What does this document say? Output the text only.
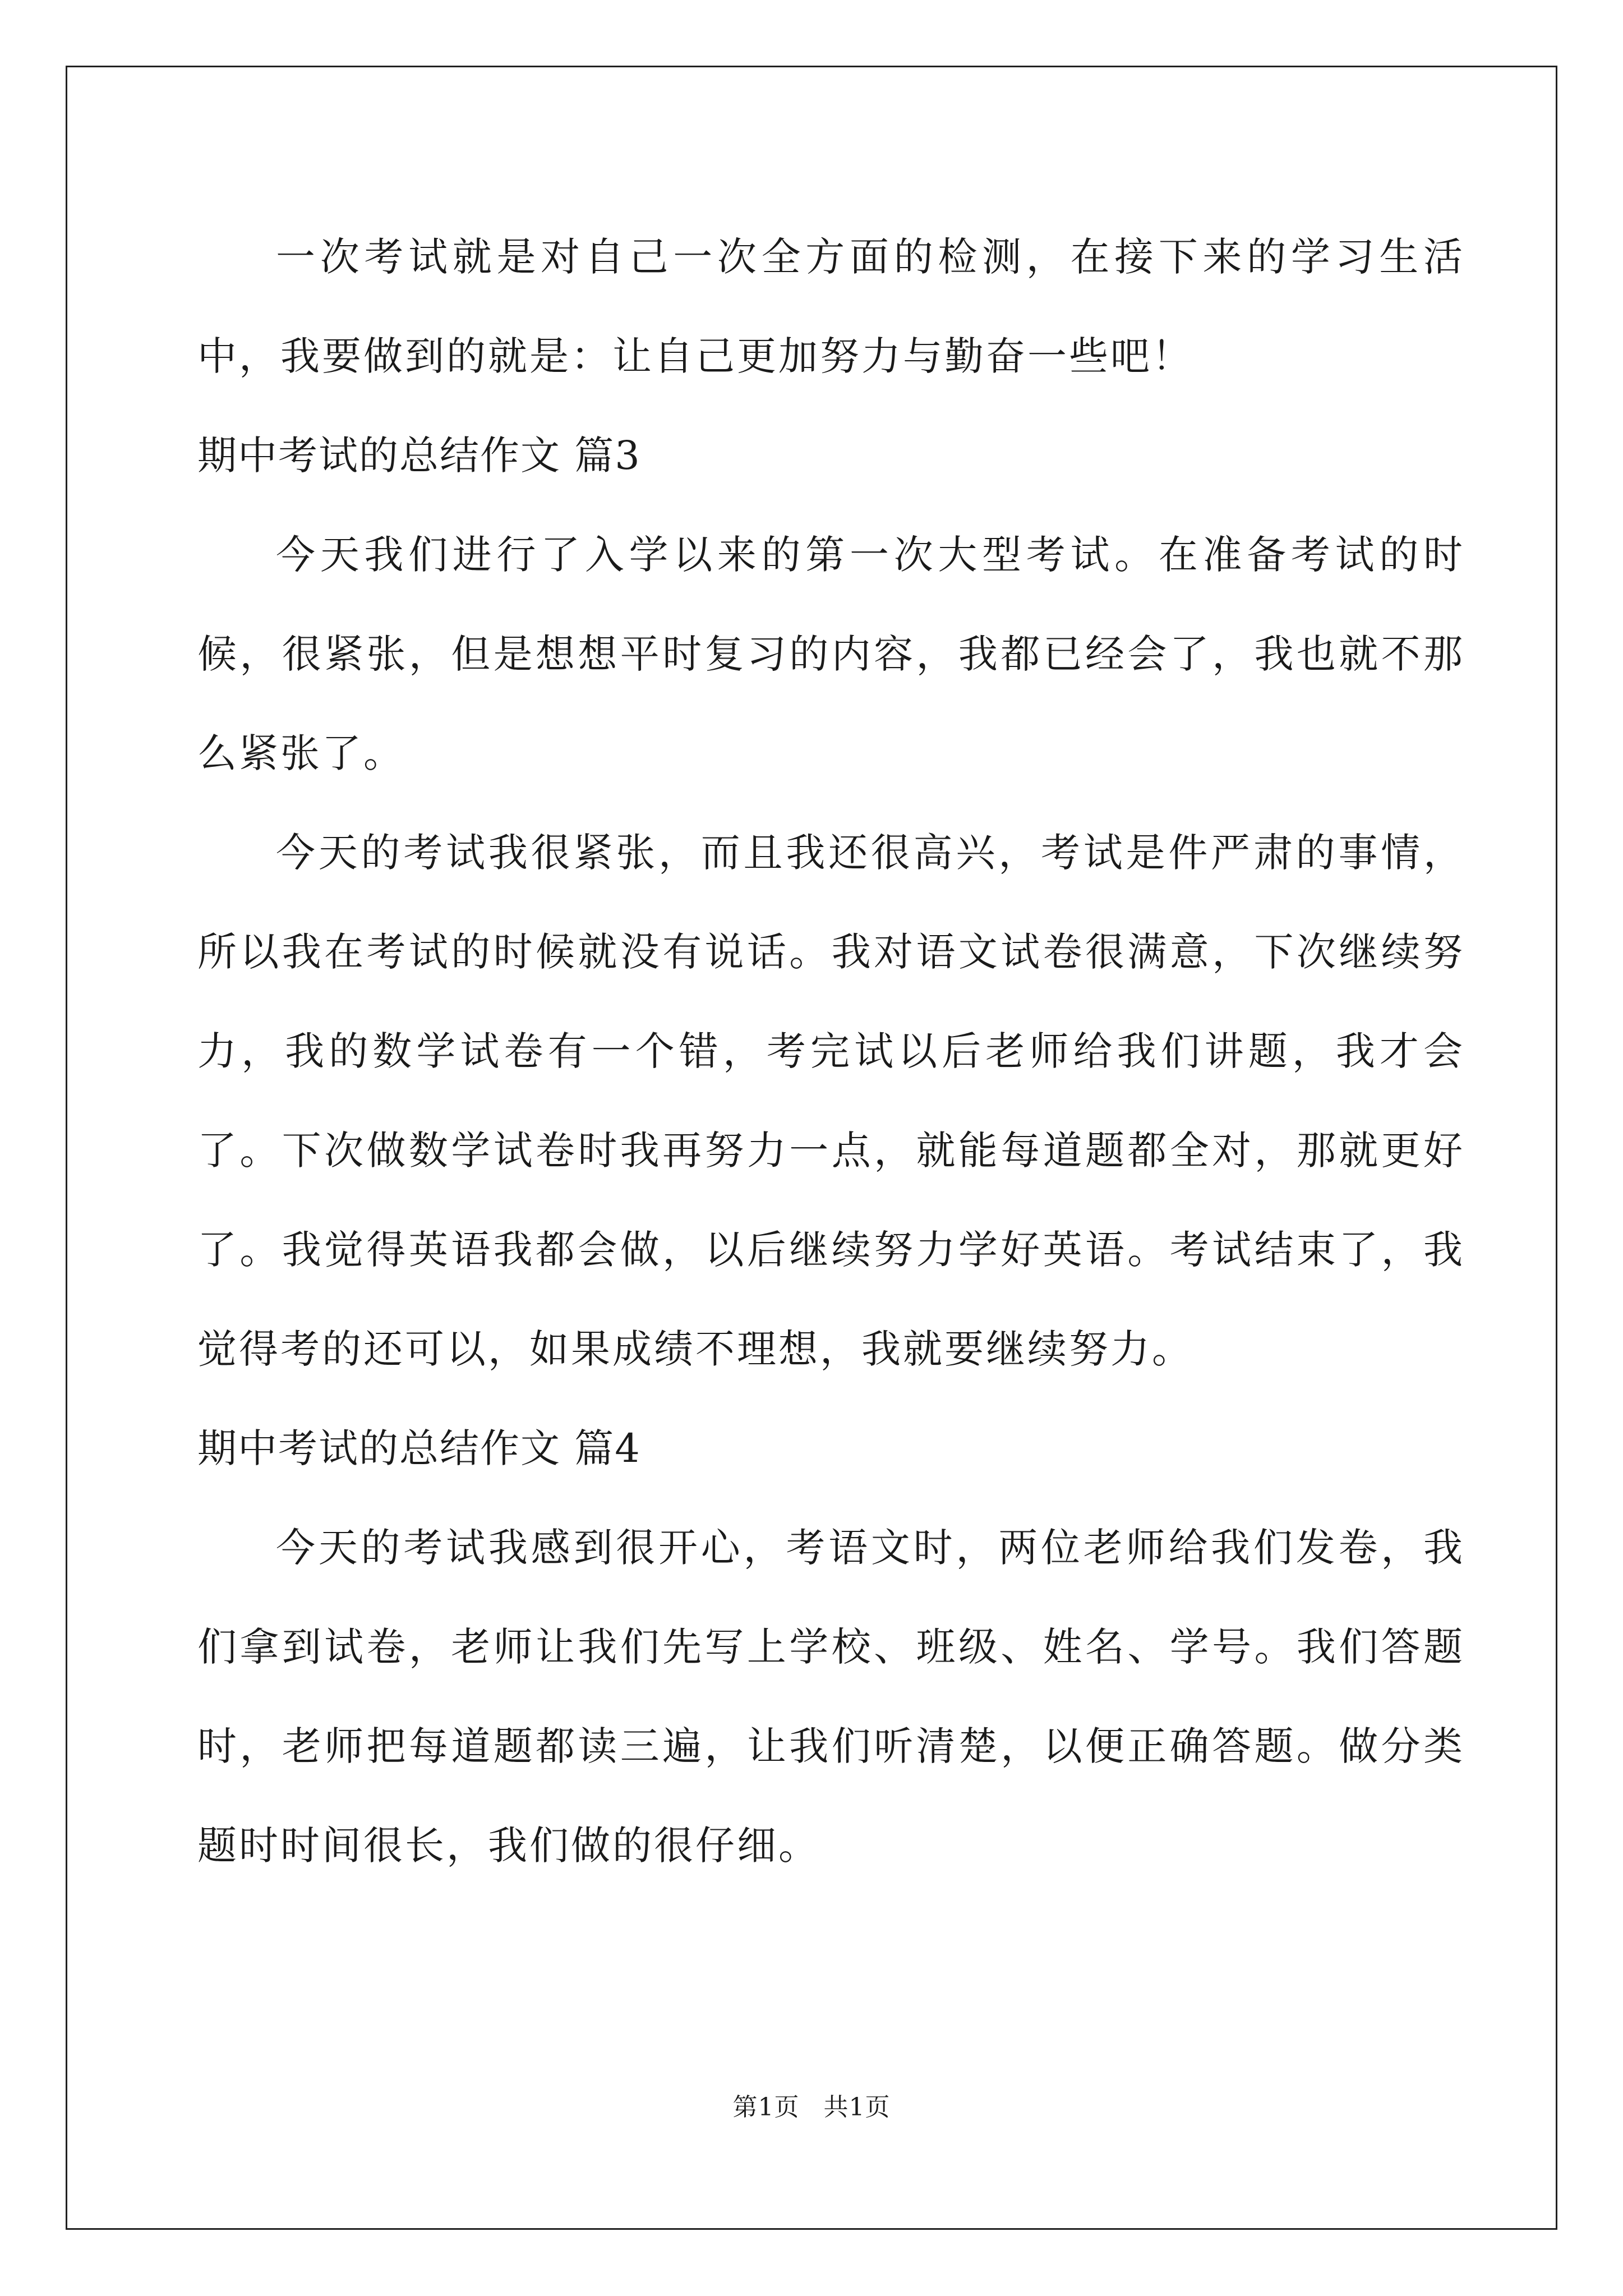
一次考试就是对自己一次全方面的检测，在接下来的学习生活中，我要做到的就是：让自己更加努力与勤奋一些吧！

期中考试的总结作文 篇3

今天我们进行了入学以来的第一次大型考试。在准备考试的时候，很紧张，但是想想平时复习的内容，我都已经会了，我也就不那么紧张了。

今天的考试我很紧张，而且我还很高兴，考试是件严肃的事情，所以我在考试的时候就没有说话。我对语文试卷很满意，下次继续努力，我的数学试卷有一个错，考完试以后老师给我们讲题，我才会了。下次做数学试卷时我再努力一点，就能每道题都全对，那就更好了。我觉得英语我都会做，以后继续努力学好英语。考试结束了，我觉得考的还可以，如果成绩不理想，我就要继续努力。

期中考试的总结作文 篇4

今天的考试我感到很开心，考语文时，两位老师给我们发卷，我们拿到试卷，老师让我们先写上学校、班级、姓名、学号。我们答题时，老师把每道题都读三遍，让我们听清楚，以便正确答题。做分类题时时间很长，我们做的很仔细。

第1页 共1页
